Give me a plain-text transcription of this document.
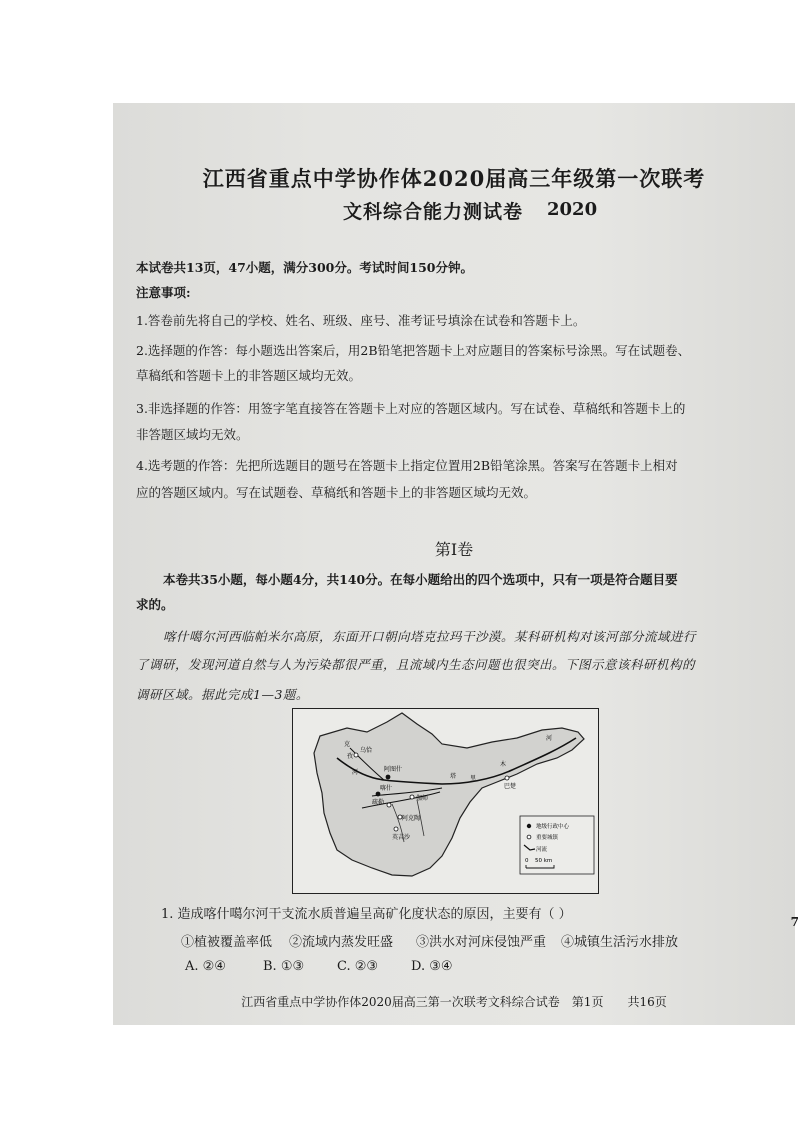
江西省重点中学协作体2020届高三年级第一次联考
文科综合能力测试卷 2020
本试卷共13页，47小题，满分300分。考试时间150分钟。
注意事项:
1.答卷前先将自己的学校、姓名、班级、座号、准考证号填涂在试卷和答题卡上。
2.选择题的作答：每小题选出答案后，用2B铅笔把答题卡上对应题目的答案标号涂黑。写在试题卷、
草稿纸和答题卡上的非答题区域均无效。
3.非选择题的作答：用签字笔直接答在答题卡上对应的答题区域内。写在试卷、草稿纸和答题卡上的
非答题区域均无效。
4.选考题的作答：先把所选题目的题号在答题卡上指定位置用2B铅笔涂黑。答案写在答题卡上相对
应的答题区域内。写在试题卷、草稿纸和答题卡上的非答题区域均无效。
第Ⅰ卷
本卷共35小题，每小题4分，共140分。在每小题给出的四个选项中，只有一项是符合题目要
求的。
喀什噶尔河西临帕米尔高原，东面开口朝向塔克拉玛干沙漠。某科研机构对该河部分流域进行
了调研，发现河道自然与人为污染都很严重，且流域内生态问题也很突出。下图示意该科研机构的
调研区域。据此完成1—3题。
克
孜
乌恰
阿图什
塔 里
木
河
喀什
河
伽师
巴楚
疏勒
阿克陶
英吉沙
地级行政中心
重要城镇
河流
0 50 km
1. 造成喀什噶尔河干支流水质普遍呈高矿化度状态的原因，主要有（ ）
①植被覆盖率低 ②流域内蒸发旺盛 ③洪水对河床侵蚀严重 ④城镇生活污水排放
A. ②④	B. ①③	C. ②③	D. ③④
江西省重点中学协作体2020届高三第一次联考文科综合试卷　第1页　　共16页
7
